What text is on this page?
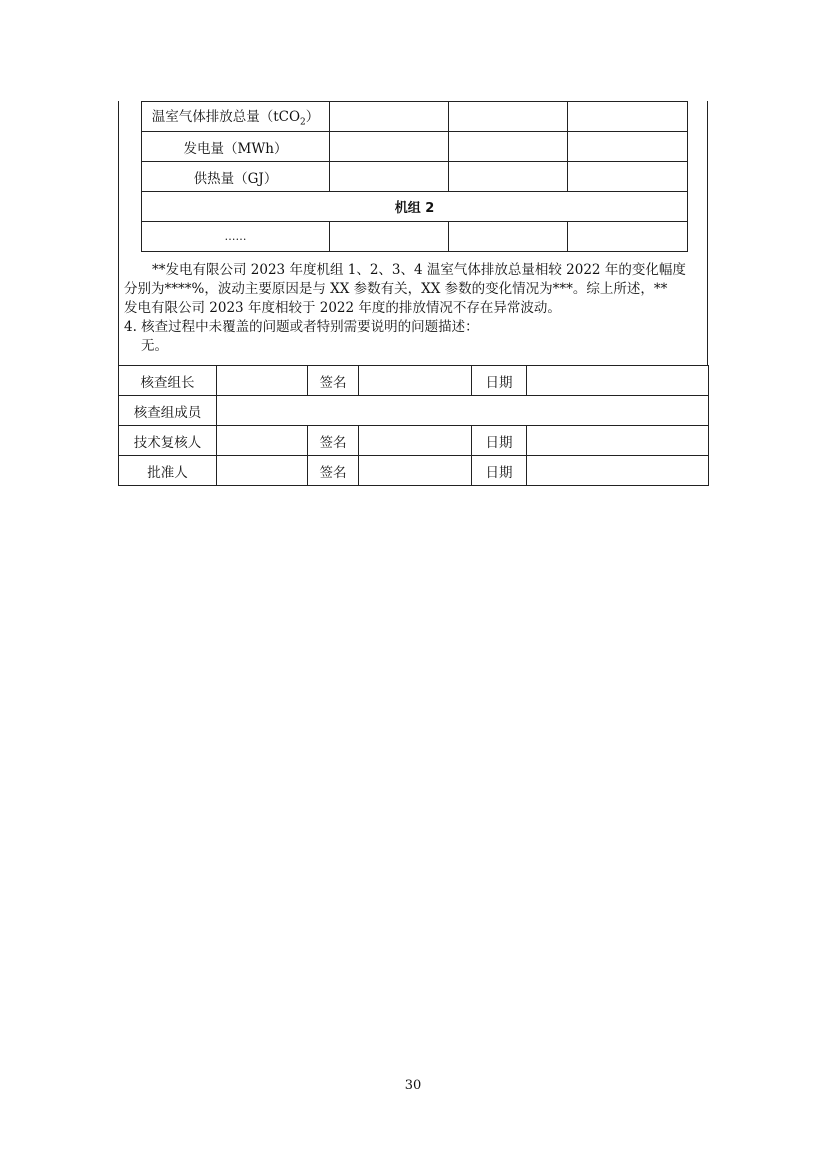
温室气体排放总量（tCO$_2$）			
发电量（MWh）			
供热量（GJ）			
机组 2			
……			
**发电有限公司 2023 年度机组 1、2、3、4 温室气体排放总量相较 2022 年的变化幅度
分别为****%，波动主要原因是与 XX 参数有关，XX 参数的变化情况为***。综上所述，**
发电有限公司 2023 年度相较于 2022 年度的排放情况不存在异常波动。
4. 核查过程中未覆盖的问题或者特别需要说明的问题描述：
无。
核查组长		签名		日期	
核查组成员					
技术复核人		签名		日期	
批准人		签名		日期	
30
